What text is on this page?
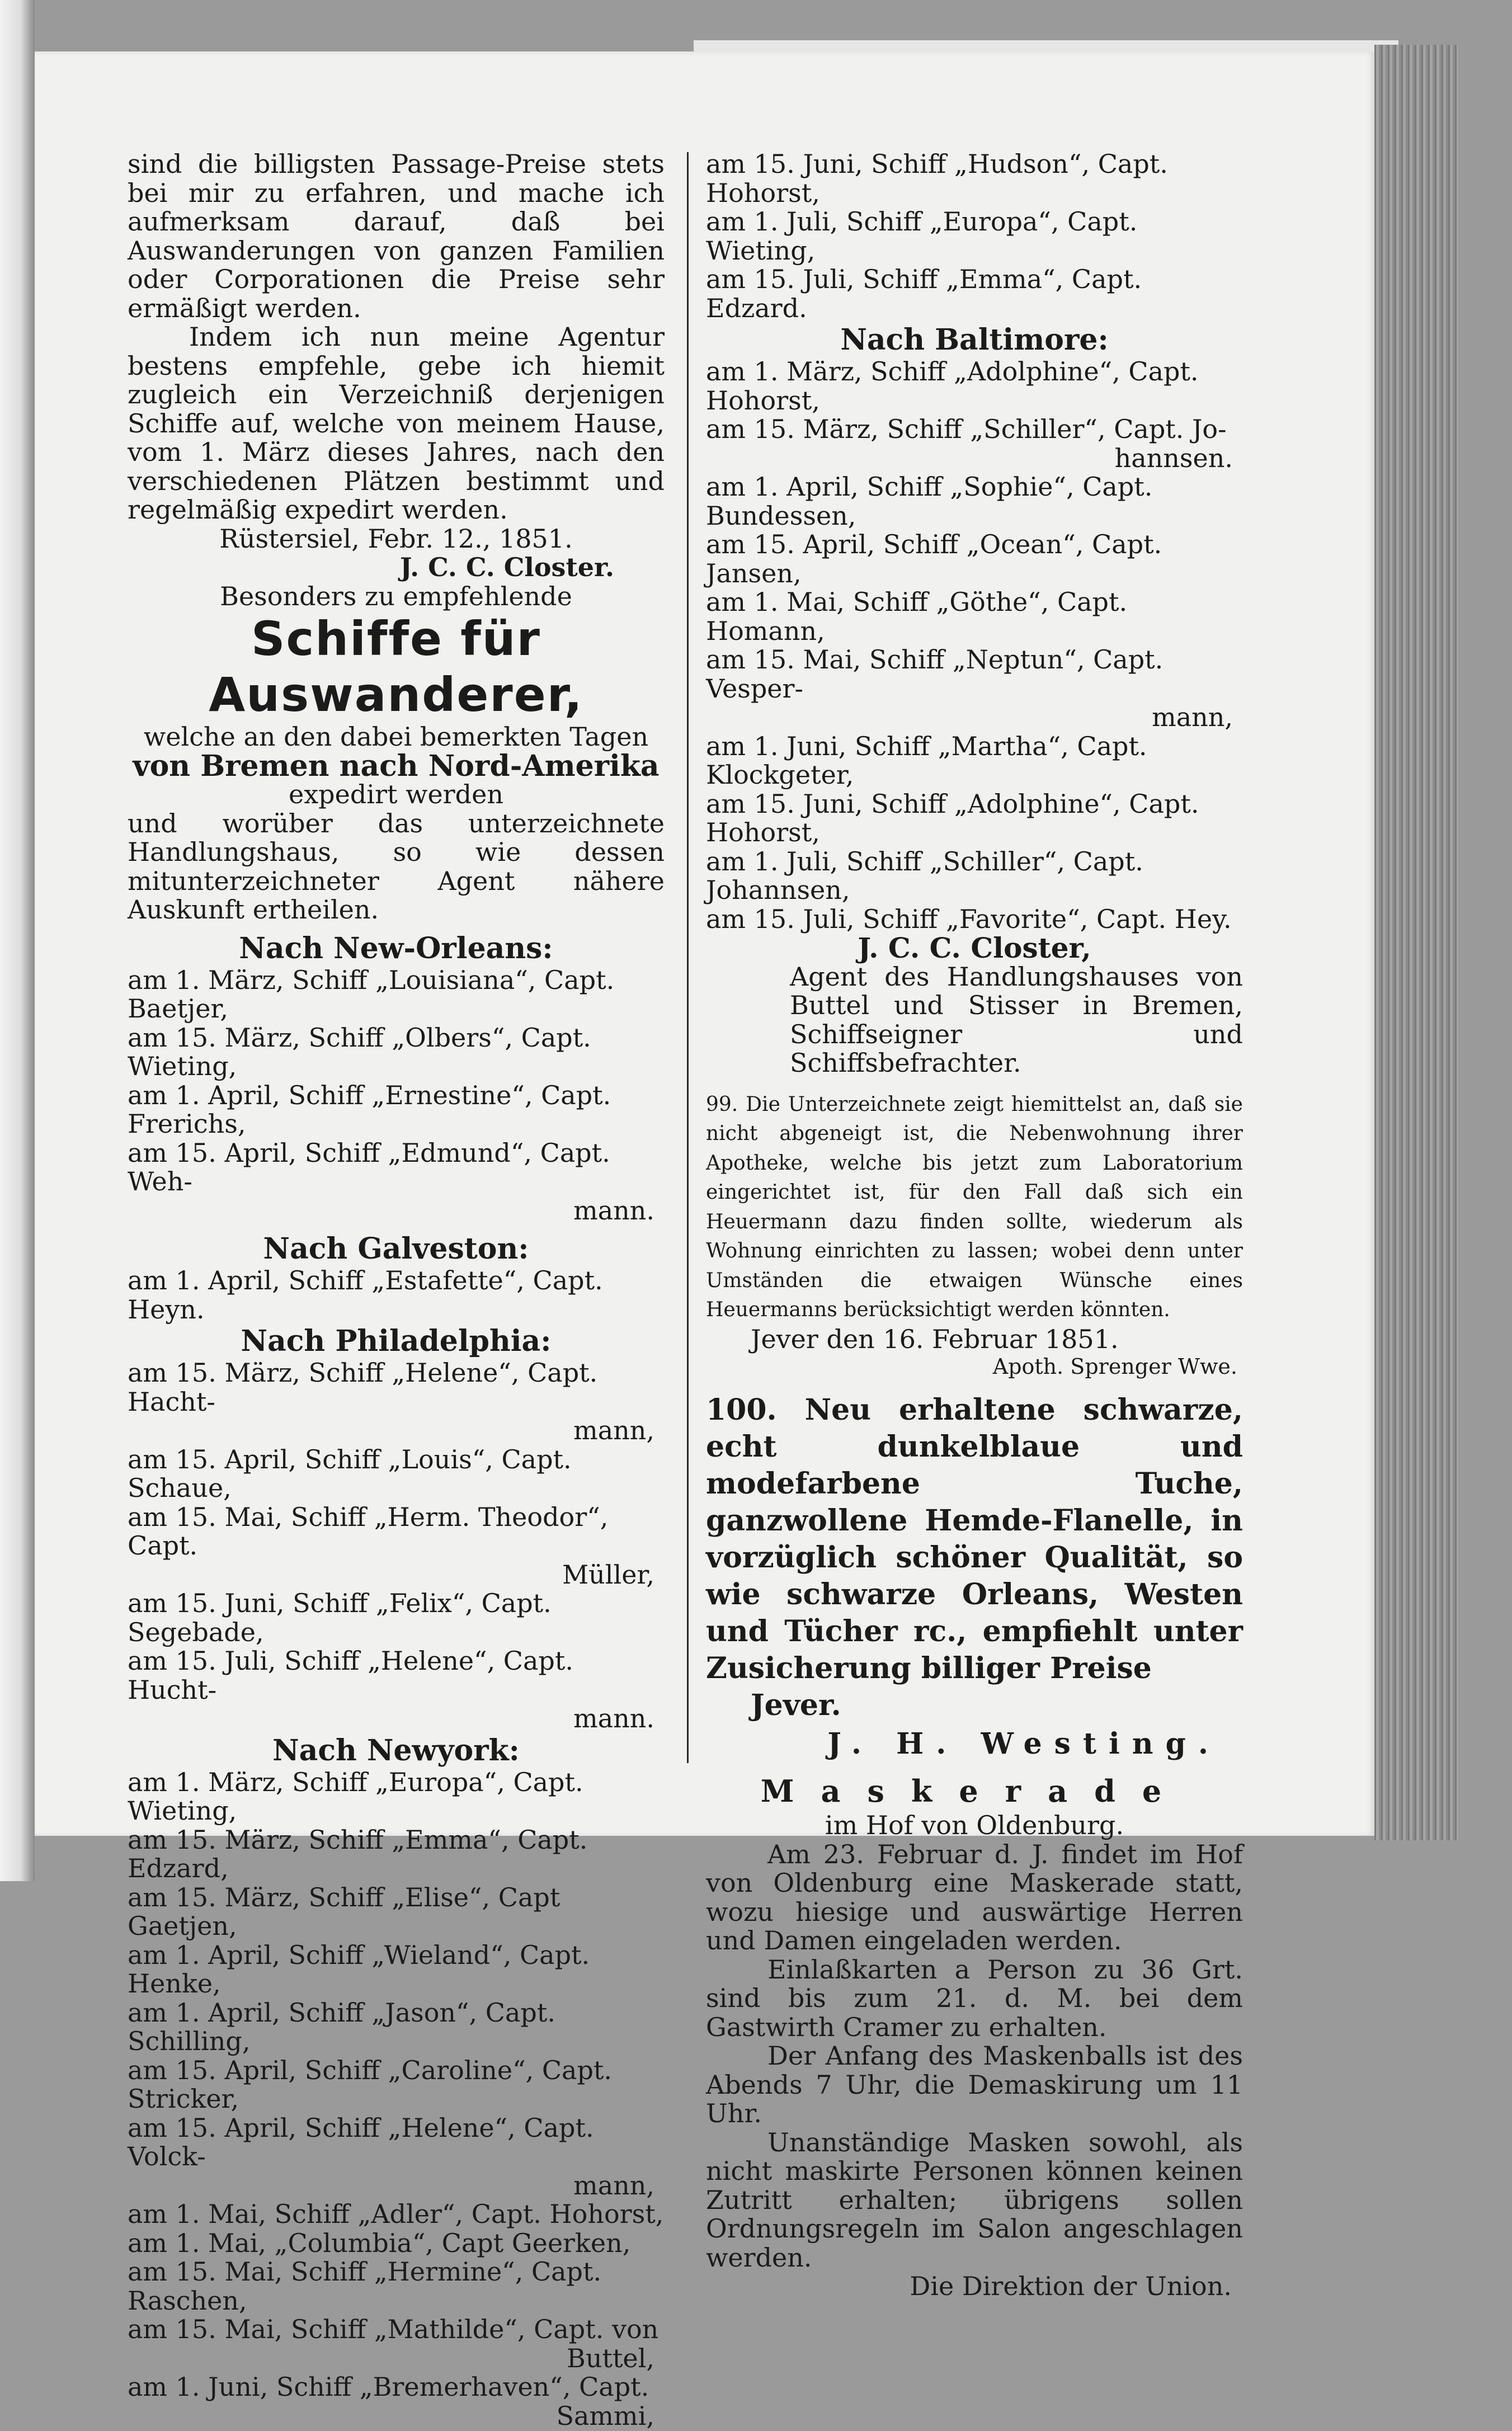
sind die billigsten Passage-Preise stets bei mir zu erfahren, und mache ich aufmerksam darauf, daß bei Auswanderungen von ganzen Familien oder Corporationen die Preise sehr ermäßigt werden.

Indem ich nun meine Agentur bestens empfehle, gebe ich hiemit zugleich ein Verzeichniß derjenigen Schiffe auf, welche von meinem Hause, vom 1. März dieses Jahres, nach den verschiedenen Plätzen bestimmt und regelmäßig expedirt werden.

Rüstersiel, Febr. 12., 1851.

J. C. C. Closter.

Besonders zu empfehlende

Schiffe für Auswanderer,

welche an den dabei bemerkten Tagen

von Bremen nach Nord-Amerika

expedirt werden

und worüber das unterzeichnete Handlungshaus, so wie dessen mitunterzeichneter Agent nähere Auskunft ertheilen.

Nach New-Orleans:

am 1. März, Schiff „Louisiana“, Capt. Baetjer,

am 15. März, Schiff „Olbers“, Capt. Wieting,

am 1. April, Schiff „Ernestine“, Capt. Frerichs,

am 15. April, Schiff „Edmund“, Capt. Weh-

mann.

Nach Galveston:

am 1. April, Schiff „Estafette“, Capt. Heyn.

Nach Philadelphia:

am 15. März, Schiff „Helene“, Capt. Hacht-

mann,

am 15. April, Schiff „Louis“, Capt. Schaue,

am 15. Mai, Schiff „Herm. Theodor“, Capt.

Müller,

am 15. Juni, Schiff „Felix“, Capt. Segebade,

am 15. Juli, Schiff „Helene“, Capt. Hucht-

mann.

Nach Newyork:

am 1. März, Schiff „Europa“, Capt. Wieting,

am 15. März, Schiff „Emma“, Capt. Edzard,

am 15. März, Schiff „Elise“, Capt Gaetjen,

am 1. April, Schiff „Wieland“, Capt. Henke,

am 1. April, Schiff „Jason“, Capt. Schilling,

am 15. April, Schiff „Caroline“, Capt. Stricker,

am 15. April, Schiff „Helene“, Capt. Volck-

mann,

am 1. Mai, Schiff „Adler“, Capt. Hohorst,

am 1. Mai, „Columbia“, Capt Geerken,

am 15. Mai, Schiff „Hermine“, Capt. Raschen,

am 15. Mai, Schiff „Mathilde“, Capt. von

Buttel,

am 1. Juni, Schiff „Bremerhaven“, Capt.

Sammi,

am 15. Juni, Schiff „Hudson“, Capt. Hohorst,

am 1. Juli, Schiff „Europa“, Capt. Wieting,

am 15. Juli, Schiff „Emma“, Capt. Edzard.

Nach Baltimore:

am 1. März, Schiff „Adolphine“, Capt. Hohorst,

am 15. März, Schiff „Schiller“, Capt. Jo-

hannsen.

am 1. April, Schiff „Sophie“, Capt. Bundessen,

am 15. April, Schiff „Ocean“, Capt. Jansen,

am 1. Mai, Schiff „Göthe“, Capt. Homann,

am 15. Mai, Schiff „Neptun“, Capt. Vesper-

mann,

am 1. Juni, Schiff „Martha“, Capt. Klockgeter,

am 15. Juni, Schiff „Adolphine“, Capt. Hohorst,

am 1. Juli, Schiff „Schiller“, Capt. Johannsen,

am 15. Juli, Schiff „Favorite“, Capt. Hey.

J. C. C. Closter,

Agent des Handlungshauses von Buttel und Stisser in Bremen, Schiffseigner und Schiffsbefrachter.

99. Die Unterzeichnete zeigt hiemittelst an, daß sie nicht abgeneigt ist, die Nebenwohnung ihrer Apotheke, welche bis jetzt zum Laboratorium eingerichtet ist, für den Fall daß sich ein Heuermann dazu finden sollte, wiederum als Wohnung einrichten zu lassen; wobei denn unter Umständen die etwaigen Wünsche eines Heuermanns berücksichtigt werden könnten.

Jever den 16. Februar 1851.

Apoth. Sprenger Wwe.

100. Neu erhaltene schwarze, echt dunkelblaue und modefarbene Tuche, ganzwollene Hemde-Flanelle, in vorzüglich schöner Qualität, so wie schwarze Orleans, Westen und Tücher rc., empfiehlt unter Zusicherung billiger Preise

Jever.

J. H. Westing.

Maskerade

im Hof von Oldenburg.

Am 23. Februar d. J. findet im Hof von Oldenburg eine Maskerade statt, wozu hiesige und auswärtige Herren und Damen eingeladen werden.

Einlaßkarten a Person zu 36 Grt. sind bis zum 21. d. M. bei dem Gastwirth Cramer zu erhalten.

Der Anfang des Maskenballs ist des Abends 7 Uhr, die Demaskirung um 11 Uhr.

Unanständige Masken sowohl, als nicht maskirte Personen können keinen Zutritt erhalten; übrigens sollen Ordnungsregeln im Salon angeschlagen werden.

Die Direktion der Union.
